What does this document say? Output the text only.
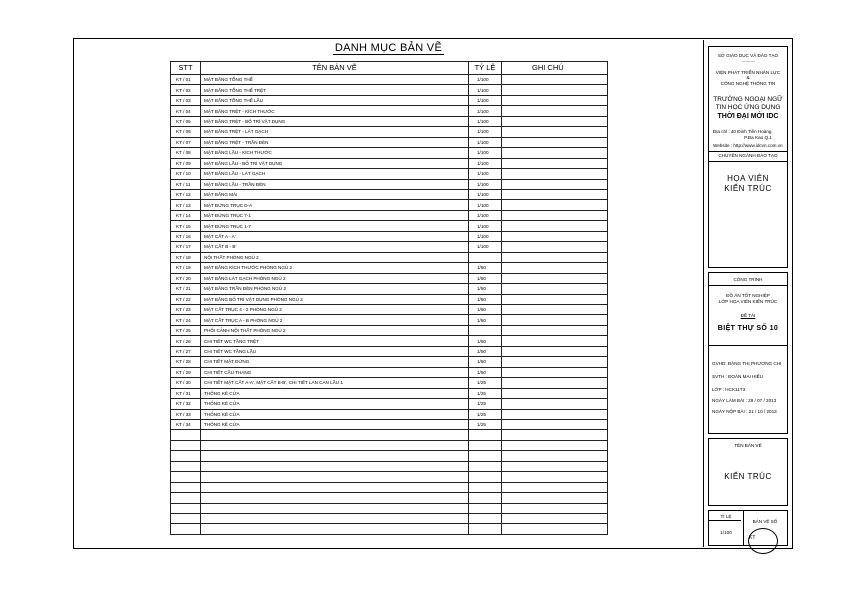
DANH MỤC BẢN VẼ
STT	TÊN BẢN VẼ	TỶ LỆ	GHI CHÚ
KT / 01	MẶT BẰNG TỔNG THỂ	1/100	
KT / 02	MẶT BẰNG TỔNG THỂ TRỆT	1/100	
KT / 03	MẶT BẰNG TỔNG THỂ LẦU	1/100	
KT / 04	MẶT BẰNG TRỆT - KÍCH THƯỚC	1/100	
KT / 05	MẶT BẰNG TRỆT - BỐ TRÍ VẬT DỤNG	1/100	
KT / 06	MẶT BẰNG TRỆT - LÁT GẠCH	1/100	
KT / 07	MẶT BẰNG TRỆT - TRẦN ĐÈN	1/100	
KT / 08	MẶT BẰNG LẦU - KÍCH THƯỚC	1/100	
KT / 09	MẶT BẰNG LẦU - BỐ TRÍ VẬT DỤNG	1/100	
KT / 10	MẶT BẰNG LẦU - LÁT GẠCH	1/100	
KT / 11	MẶT BẰNG LẦU - TRẦN ĐÈN	1/100	
KT / 12	MẶT BẰNG MÁI	1/100	
KT / 13	MẶT ĐỨNG TRỤC D-A	1/100	
KT / 14	MẶT ĐỨNG TRỤC 7-1	1/100	
KT / 15	MẶT ĐỨNG TRỤC 1-7	1/100	
KT / 16	MẶT CẮT A - A'	1/100	
KT / 17	MẶT CẮT B - B'	1/100	
KT / 18	NỘI THẤT PHÒNG NGỦ 2		
KT / 19	MẶT BẰNG KÍCH THƯỚC PHÒNG NGỦ 2	1/50	
KT / 20	MẶT BẰNG LÁT GẠCH PHÒNG NGỦ 2	1/50	
KT / 21	MẶT BẰNG TRẦN ĐÈN PHÒNG NGỦ 2	1/50	
KT / 22	MẶT BẰNG BỐ TRÍ VẬT DỤNG PHÒNG NGỦ 2	1/50	
KT / 23	MẶT CẮT TRỤC 4 - 2 PHÒNG NGỦ 2	1/50	
KT / 24	MẶT CẮT TRỤC A - B PHÒNG NGỦ 2	1/50	
KT / 25	PHỐI CẢNH NỘI THẤT PHÒNG NGỦ 2		
KT / 26	CHI TIẾT WC TẦNG TRỆT	1/50	
KT / 27	CHI TIẾT WC TẦNG LẦU	1/50	
KT / 28	CHI TIẾT MẶT ĐỨNG	1/50	
KT / 29	CHI TIẾT CẦU THANG	1/50	
KT / 30	CHI TIẾT MẶT CẮT A-A', MẶT CẮT B-B', CHI TIẾT LAN CAN LẦU 1	1/25	
KT / 31	THỐNG KÊ CỬA	1/25	
KT / 32	THỐNG KÊ CỬA	1/25	
KT / 33	THỐNG KÊ CỬA	1/25	
KT / 34	THỐNG KÊ CỬA	1/25	

SỞ GIÁO DỤC VÀ ĐÀO TẠO
----------
VIỆN PHÁT TRIỂN NHÂN LỰC
&
CÔNG NGHỆ THÔNG TIN
TRƯỜNG NGOẠI NGỮ
TIN HỌC ỨNG DỤNG
THỜI ĐẠI MỚI IDC
Địa chỉ : 40 Đinh Tiên Hoàng
P.Đa Kao Q.1
Website : http://www.idcvn.com.vn
CHUYÊN NGÀNH ĐÀO TẠO
HỌA VIÊN
KIẾN TRÚC
CÔNG TRÌNH
ĐỒ ÁN TỐT NGHIỆP
LỚP HỌA VIÊN KIẾN TRÚC
ĐỀ TÀI
BIỆT THỰ SỐ 10
GVHD: ĐẶNG THỊ PHƯƠNG CHI
SVTH : ĐOÀN MAI HIẾU
LỚP : HCK11T3
NGÀY LÀM BÀI : 29 / 07 / 2013
NGÀY NỘP BÀI : 21 / 10 / 2013
TÊN BẢN VẼ
KIẾN TRÚC
TỈ LỆ
1/100
BẢN VẼ SỐ
KT
.....
